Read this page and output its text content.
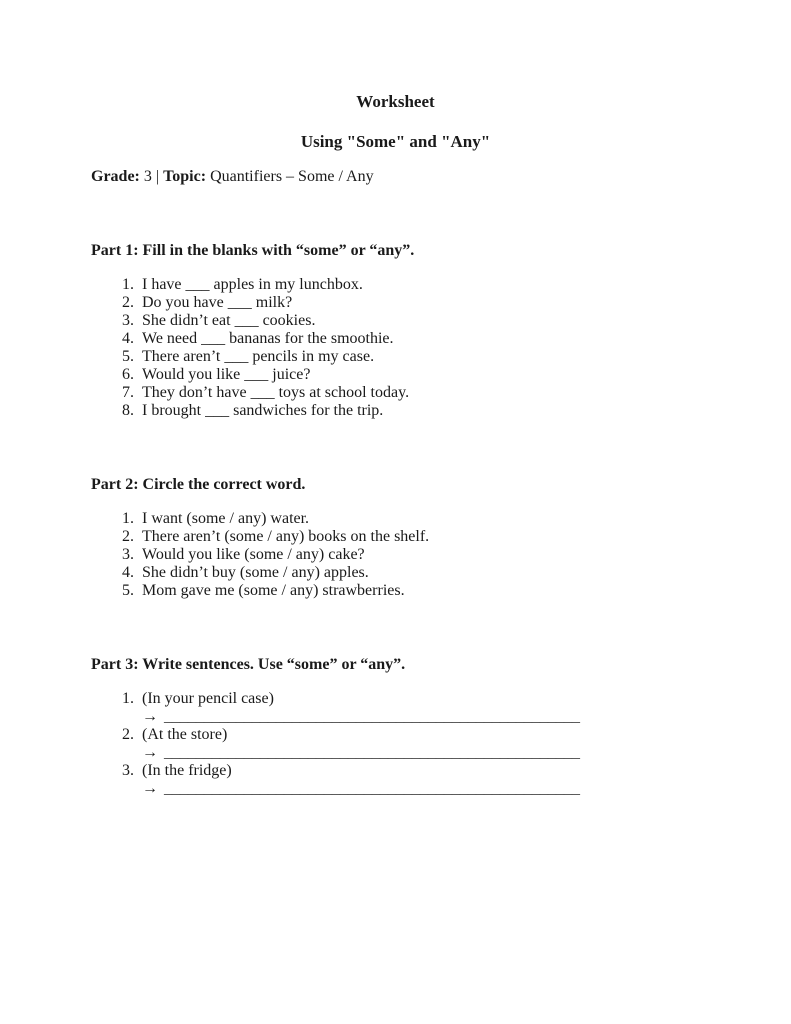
Worksheet
Using "Some" and "Any"

Grade: 3 | Topic: Quantifiers – Some / Any

Part 1: Fill in the blanks with “some” or “any”.
1. I have ___ apples in my lunchbox.
2. Do you have ___ milk?
3. She didn’t eat ___ cookies.
4. We need ___ bananas for the smoothie.
5. There aren’t ___ pencils in my case.
6. Would you like ___ juice?
7. They don’t have ___ toys at school today.
8. I brought ___ sandwiches for the trip.
Part 2: Circle the correct word.
1. I want (some / any) water.
2. There aren’t (some / any) books on the shelf.
3. Would you like (some / any) cake?
4. She didn’t buy (some / any) apples.
5. Mom gave me (some / any) strawberries.
Part 3: Write sentences. Use “some” or “any”.
1. (In your pencil case)
→ ____________________________________________________
2. (At the store)
→ ____________________________________________________
3. (In the fridge)
→ ____________________________________________________
